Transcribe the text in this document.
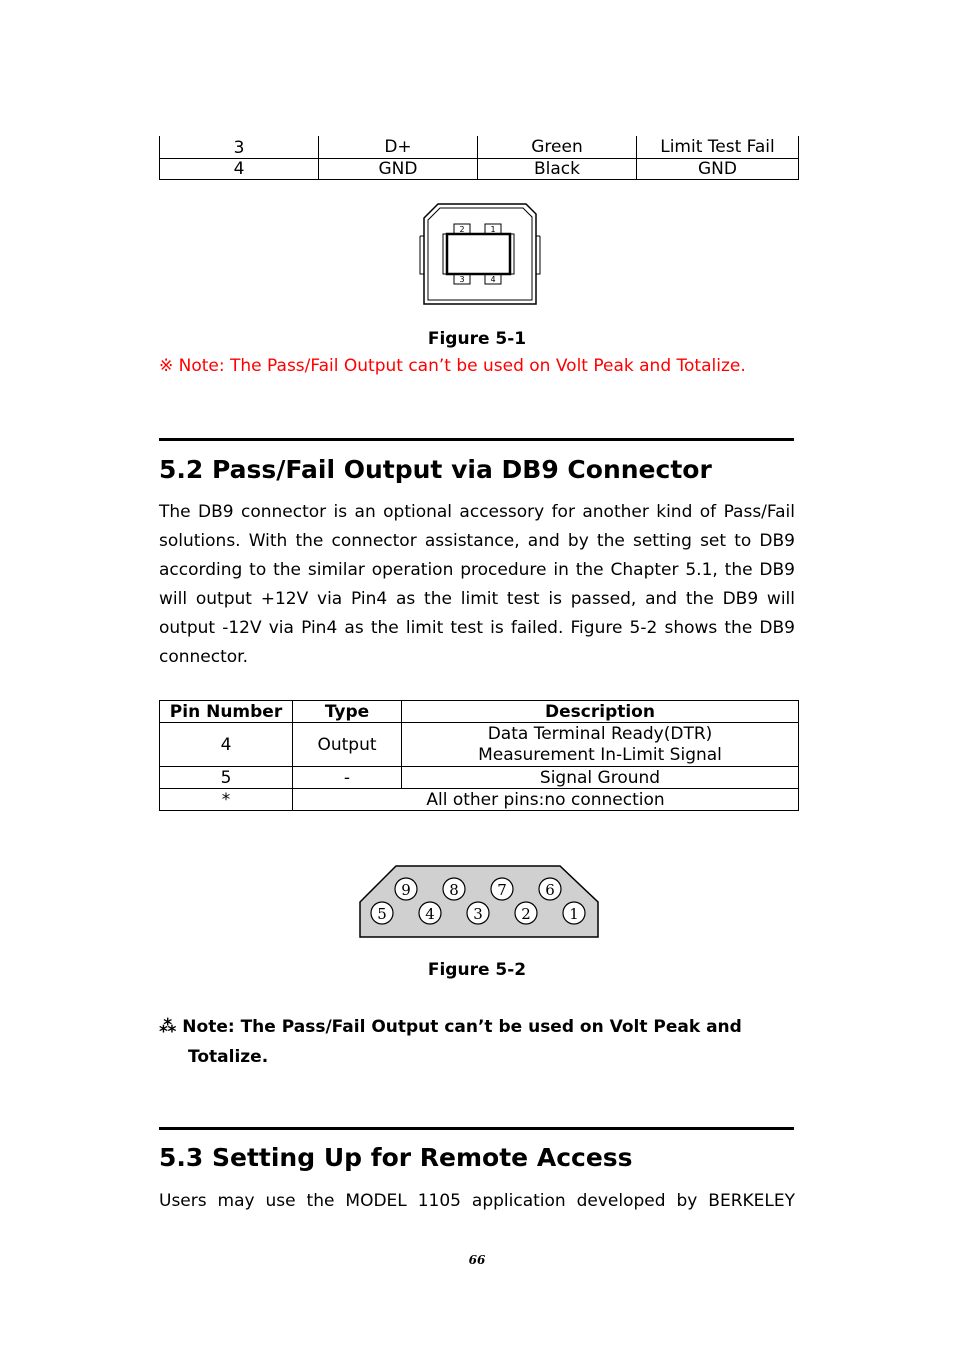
3	D+	Green	Limit Test Fail
4	GND	Black	GND
2	1
3	4
Figure 5-1
※ Note: The Pass/Fail Output can’t be used on Volt Peak and Totalize.
5.2 Pass/Fail Output via DB9 Connector
The DB9 connector is an optional accessory for another kind of Pass/Fail solutions. With the connector assistance, and by the setting set to DB9 according to the similar operation procedure in the Chapter 5.1, the DB9 will output +12V via Pin4 as the limit test is passed, and the DB9 will output -12V via Pin4 as the limit test is failed. Figure 5-2 shows the DB9 connector.
Pin Number	Type	Description
4	Output	Data Terminal Ready(DTR)
Measurement In-Limit Signal

5	-	Signal Ground
*	All other pins:no connection	
9	8	7	6
5	4	3	2	1
Figure 5-2
⁂ Note: The Pass/Fail Output can’t be used on Volt Peak and
Totalize.
5.3 Setting Up for Remote Access
Users may use the MODEL 1105 application developed by BERKELEY
66
